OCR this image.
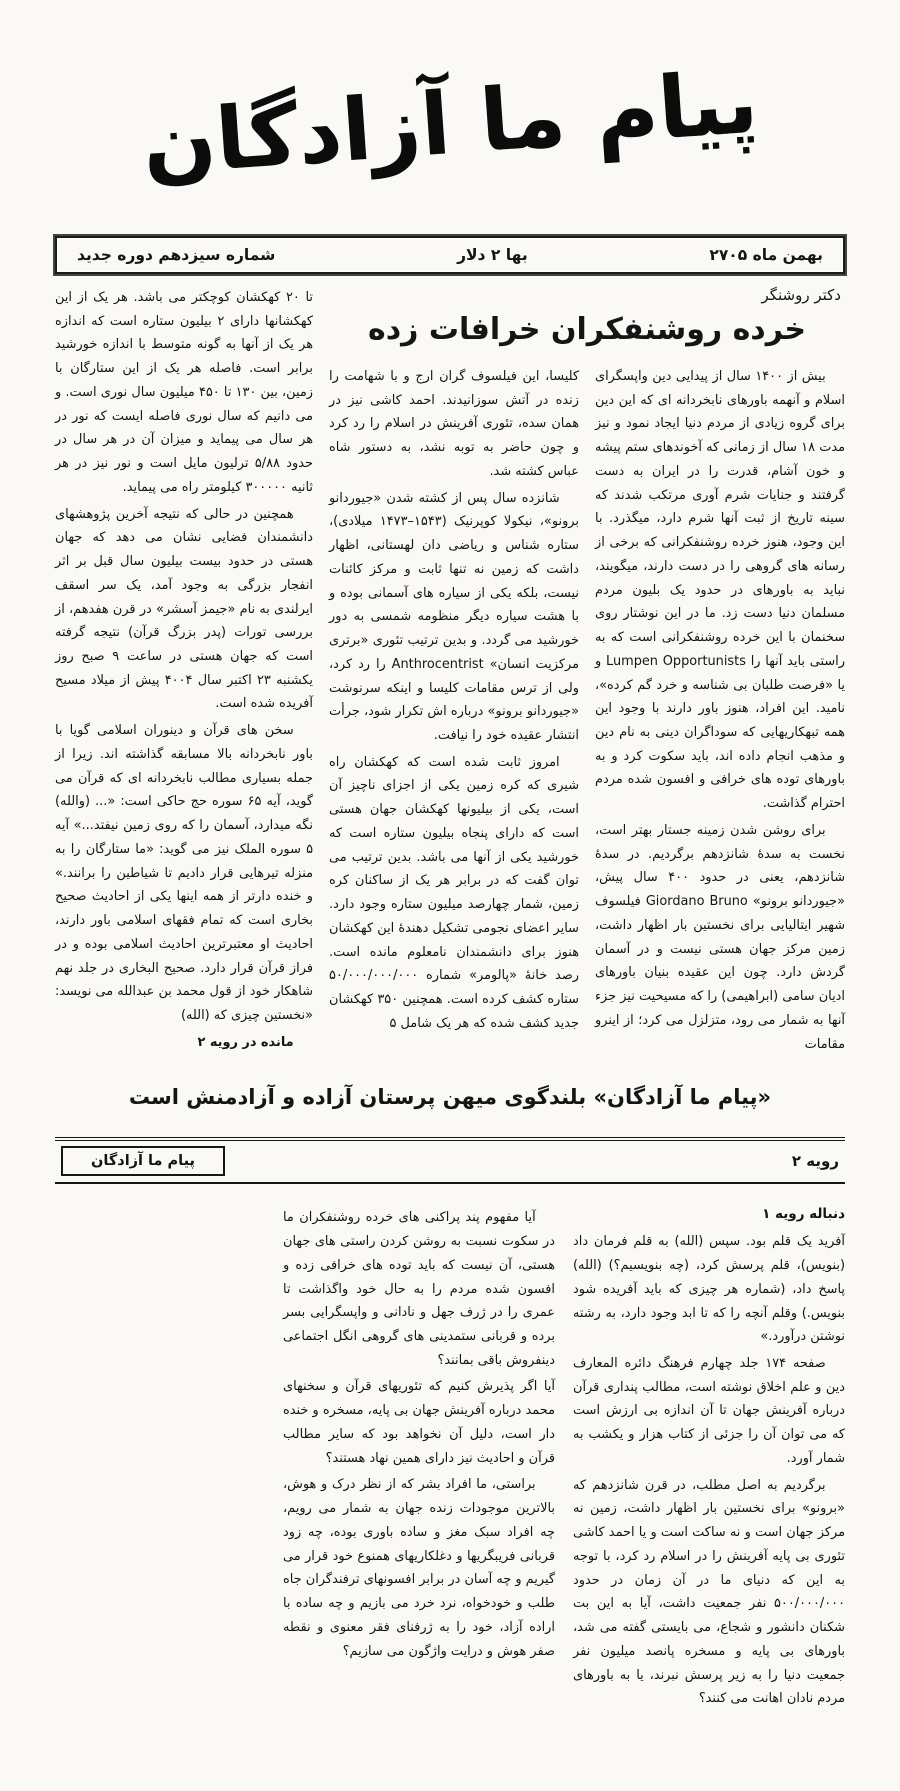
پیام ما آزادگان
بهمن ماه ۲۷۰۵
بها ۲ دلار
شماره سیزدهم دوره جدید
دکتر روشنگر
خرده روشنفکران خرافات زده

بیش از ۱۴۰۰ سال از پیدایی دین واپسگرای اسلام و آنهمه باورهای نابخردانه ای که این دین برای گروه زیادی از مردم دنیا ایجاد نمود و نیز مدت ۱۸ سال از زمانی که آخوندهای ستم پیشه و خون آشام، قدرت را در ایران به دست گرفتند و جنایات شرم آوری مرتکب شدند که سینه تاریخ از ثبت آنها شرم دارد، میگذرد. با این وجود، هنوز خرده روشنفکرانی که برخی از رسانه های گروهی را در دست دارند، میگویند، نباید به باورهای در حدود یک بلیون مردم مسلمان دنیا دست زد. ما در این نوشتار روی سخنمان با این خرده روشنفکرانی است که به راستی باید آنها را Lumpen Opportunists و یا «فرصت طلبان بی شناسه و خرد گم کرده»، نامید. این افراد، هنوز باور دارند با وجود این همه تبهکاریهایی که سوداگران دینی به نام دین و مذهب انجام داده اند، باید سکوت کرد و به باورهای توده های خرافی و افسون شده مردم احترام گذاشت.

برای روشن شدن زمینه جستار بهتر است، نخست به سدهٔ شانزدهم برگردیم. در سدهٔ شانزدهم، یعنی در حدود ۴۰۰ سال پیش، «جیوردانو برونو» Giordano Bruno فیلسوف شهیر ایتالیایی برای نخستین بار اظهار داشت، زمین مرکز جهان هستی نیست و در آسمان گردش دارد. چون این عقیده بنیان باورهای ادیان سامی (ابراهیمی) را که مسیحیت نیز جزء آنها به شمار می رود، متزلزل می کرد؛ از اینرو مقامات

کلیسا، این فیلسوف گران ارج و با شهامت را زنده در آتش سوزانیدند. احمد کاشی نیز در همان سده، تئوری آفرینش در اسلام را رد کرد و چون حاضر به توبه نشد، به دستور شاه عباس کشته شد.

شانزده سال پس از کشته شدن «جیوردانو برونو»، نیکولا کوپرنیک (۱۵۴۳–۱۴۷۳ میلادی)، ستاره شناس و ریاضی دان لهستانی، اظهار داشت که زمین نه تنها ثابت و مرکز کائنات نیست، بلکه یکی از سیاره های آسمانی بوده و با هشت سیاره دیگر منظومه شمسی به دور خورشید می گردد. و بدین ترتیب تئوری «برتری مرکزیت انسان» Anthrocentrist را رد کرد، ولی از ترس مقامات کلیسا و اینکه سرنوشت «جیوردانو برونو» درباره اش تکرار شود، جرأت انتشار عقیده خود را نیافت.

امروز ثابت شده است که کهکشان راه شیری که کره زمین یکی از اجزای ناچیز آن است، یکی از بیلیونها کهکشان جهان هستی است که دارای پنجاه بیلیون ستاره است که خورشید یکی از آنها می باشد. بدین ترتیب می توان گفت که در برابر هر یک از ساکنان کره زمین، شمار چهارصد میلیون ستاره وجود دارد. سایر اعضای نجومی تشکیل دهندهٔ این کهکشان هنوز برای دانشمندان نامعلوم مانده است. رصد خانهٔ «پالومر» شماره ۵۰/۰۰۰/۰۰۰/۰۰۰ ستاره کشف کرده است. همچنین ۳۵۰ کهکشان جدید کشف شده که هر یک شامل ۵

تا ۲۰ کهکشان کوچکتر می باشد. هر یک از این کهکشانها دارای ۲ بیلیون ستاره است که اندازه هر یک از آنها به گونه متوسط با اندازه خورشید برابر است. فاصله هر یک از این ستارگان با زمین، بین ۱۳۰ تا ۴۵۰ میلیون سال نوری است. و می دانیم که سال نوری فاصله ایست که نور در هر سال می پیماید و میزان آن در هر سال در حدود ۵/۸۸ ترلیون مایل است و نور نیز در هر ثانیه ۳۰۰۰۰۰ کیلومتر راه می پیماید.

همچنین در حالی که نتیجه آخرین پژوهشهای دانشمندان فضایی نشان می دهد که جهان هستی در حدود بیست بیلیون سال قبل بر اثر انفجار بزرگی به وجود آمد، یک سر اسقف ایرلندی به نام «جیمز آسشر» در قرن هفدهم، از بررسی تورات (پدر بزرگ قرآن) نتیجه گرفته است که جهان هستی در ساعت ۹ صبح روز یکشنبه ۲۳ اکتبر سال ۴۰۰۴ پیش از میلاد مسیح آفریده شده است.

سخن های قرآن و دینوران اسلامی گویا با باور نابخردانه بالا مسابقه گذاشته اند. زیرا از جمله بسیاری مطالب نابخردانه ای که قرآن می گوید، آیه ۶۵ سوره حج حاکی است: «... (والله) نگه میدارد، آسمان را که روی زمین نیفتد...» آیه ۵ سوره الملک نیز می گوید: «ما ستارگان را به منزله تیرهایی قرار دادیم تا شیاطین را برانند.» و خنده دارتر از همه اینها یکی از احادیث صحیح بخاری است که تمام فقهای اسلامی باور دارند، احادیث او معتبرترین احادیث اسلامی بوده و در فراز قرآن قرار دارد. صحیح البخاری در جلد نهم شاهکار خود از قول محمد بن عبدالله می نویسد: «نخستین چیزی که (الله)

مانده در رویه ۲

«پیام ما آزادگان» بلندگوی میهن پرستان آزاده و آزادمنش است
رویه ۲
پیام ما آزادگان
دنباله رویه ۱

آفرید یک قلم بود. سپس (الله) به قلم فرمان داد (بنویس)، قلم پرسش کرد، (چه بنویسیم؟) (الله) پاسخ داد، (شماره هر چیزی که باید آفریده شود بنویس.) وقلم آنچه را که تا ابد وجود دارد، به رشته نوشتن درآورد.»

صفحه ۱۷۴ جلد چهارم فرهنگ دائره المعارف دین و علم اخلاق نوشته است، مطالب پنداری قرآن درباره آفرینش جهان تا آن اندازه بی ارزش است که می توان آن را جزئی از کتاب هزار و یکشب به شمار آورد.

برگردیم به اصل مطلب، در قرن شانزدهم که «برونو» برای نخستین بار اظهار داشت، زمین نه مرکز جهان است و نه ساکت است و یا احمد کاشی تئوری بی پایه آفرینش را در اسلام رد کرد، با توجه به این که دنیای ما در آن زمان در حدود ۵۰۰/۰۰۰/۰۰۰ نفر جمعیت داشت، آیا به این بت شکنان دانشور و شجاع، می بایستی گفته می شد، باورهای بی پایه و مسخره پانصد میلیون نفر جمعیت دنیا را به زیر پرسش نبرند، یا به باورهای مردم نادان اهانت می کنند؟

آیا مفهوم پند پراکنی های خرده روشنفکران ما در سکوت نسبت به روشن کردن راستی های جهان هستی، آن نیست که باید توده های خرافی زده و افسون شده مردم را به حال خود واگذاشت تا عمری را در ژرف جهل و نادانی و واپسگرایی بسر برده و قربانی ستمدینی های گروهی انگل اجتماعی دینفروش باقی بمانند؟

آیا اگر پذیرش کنیم که تئوریهای قرآن و سخنهای محمد درباره آفرینش جهان بی پایه، مسخره و خنده دار است، دلیل آن نخواهد بود که سایر مطالب قرآن و احادیث نیز دارای همین نهاد هستند؟

براستی، ما افراد بشر که از نظر درک و هوش، بالاترین موجودات زنده جهان به شمار می رویم، چه افراد سبک مغز و ساده باوری بوده، چه زود قربانی فریبگریها و دغلکاریهای همنوع خود قرار می گیریم و چه آسان در برابر افسونهای ترفندگران جاه طلب و خودخواه، نرد خرد می بازیم و چه ساده با اراده آزاد، خود را به ژرفنای فقر معنوی و نقطه صفر هوش و درایت واژگون می سازیم؟
